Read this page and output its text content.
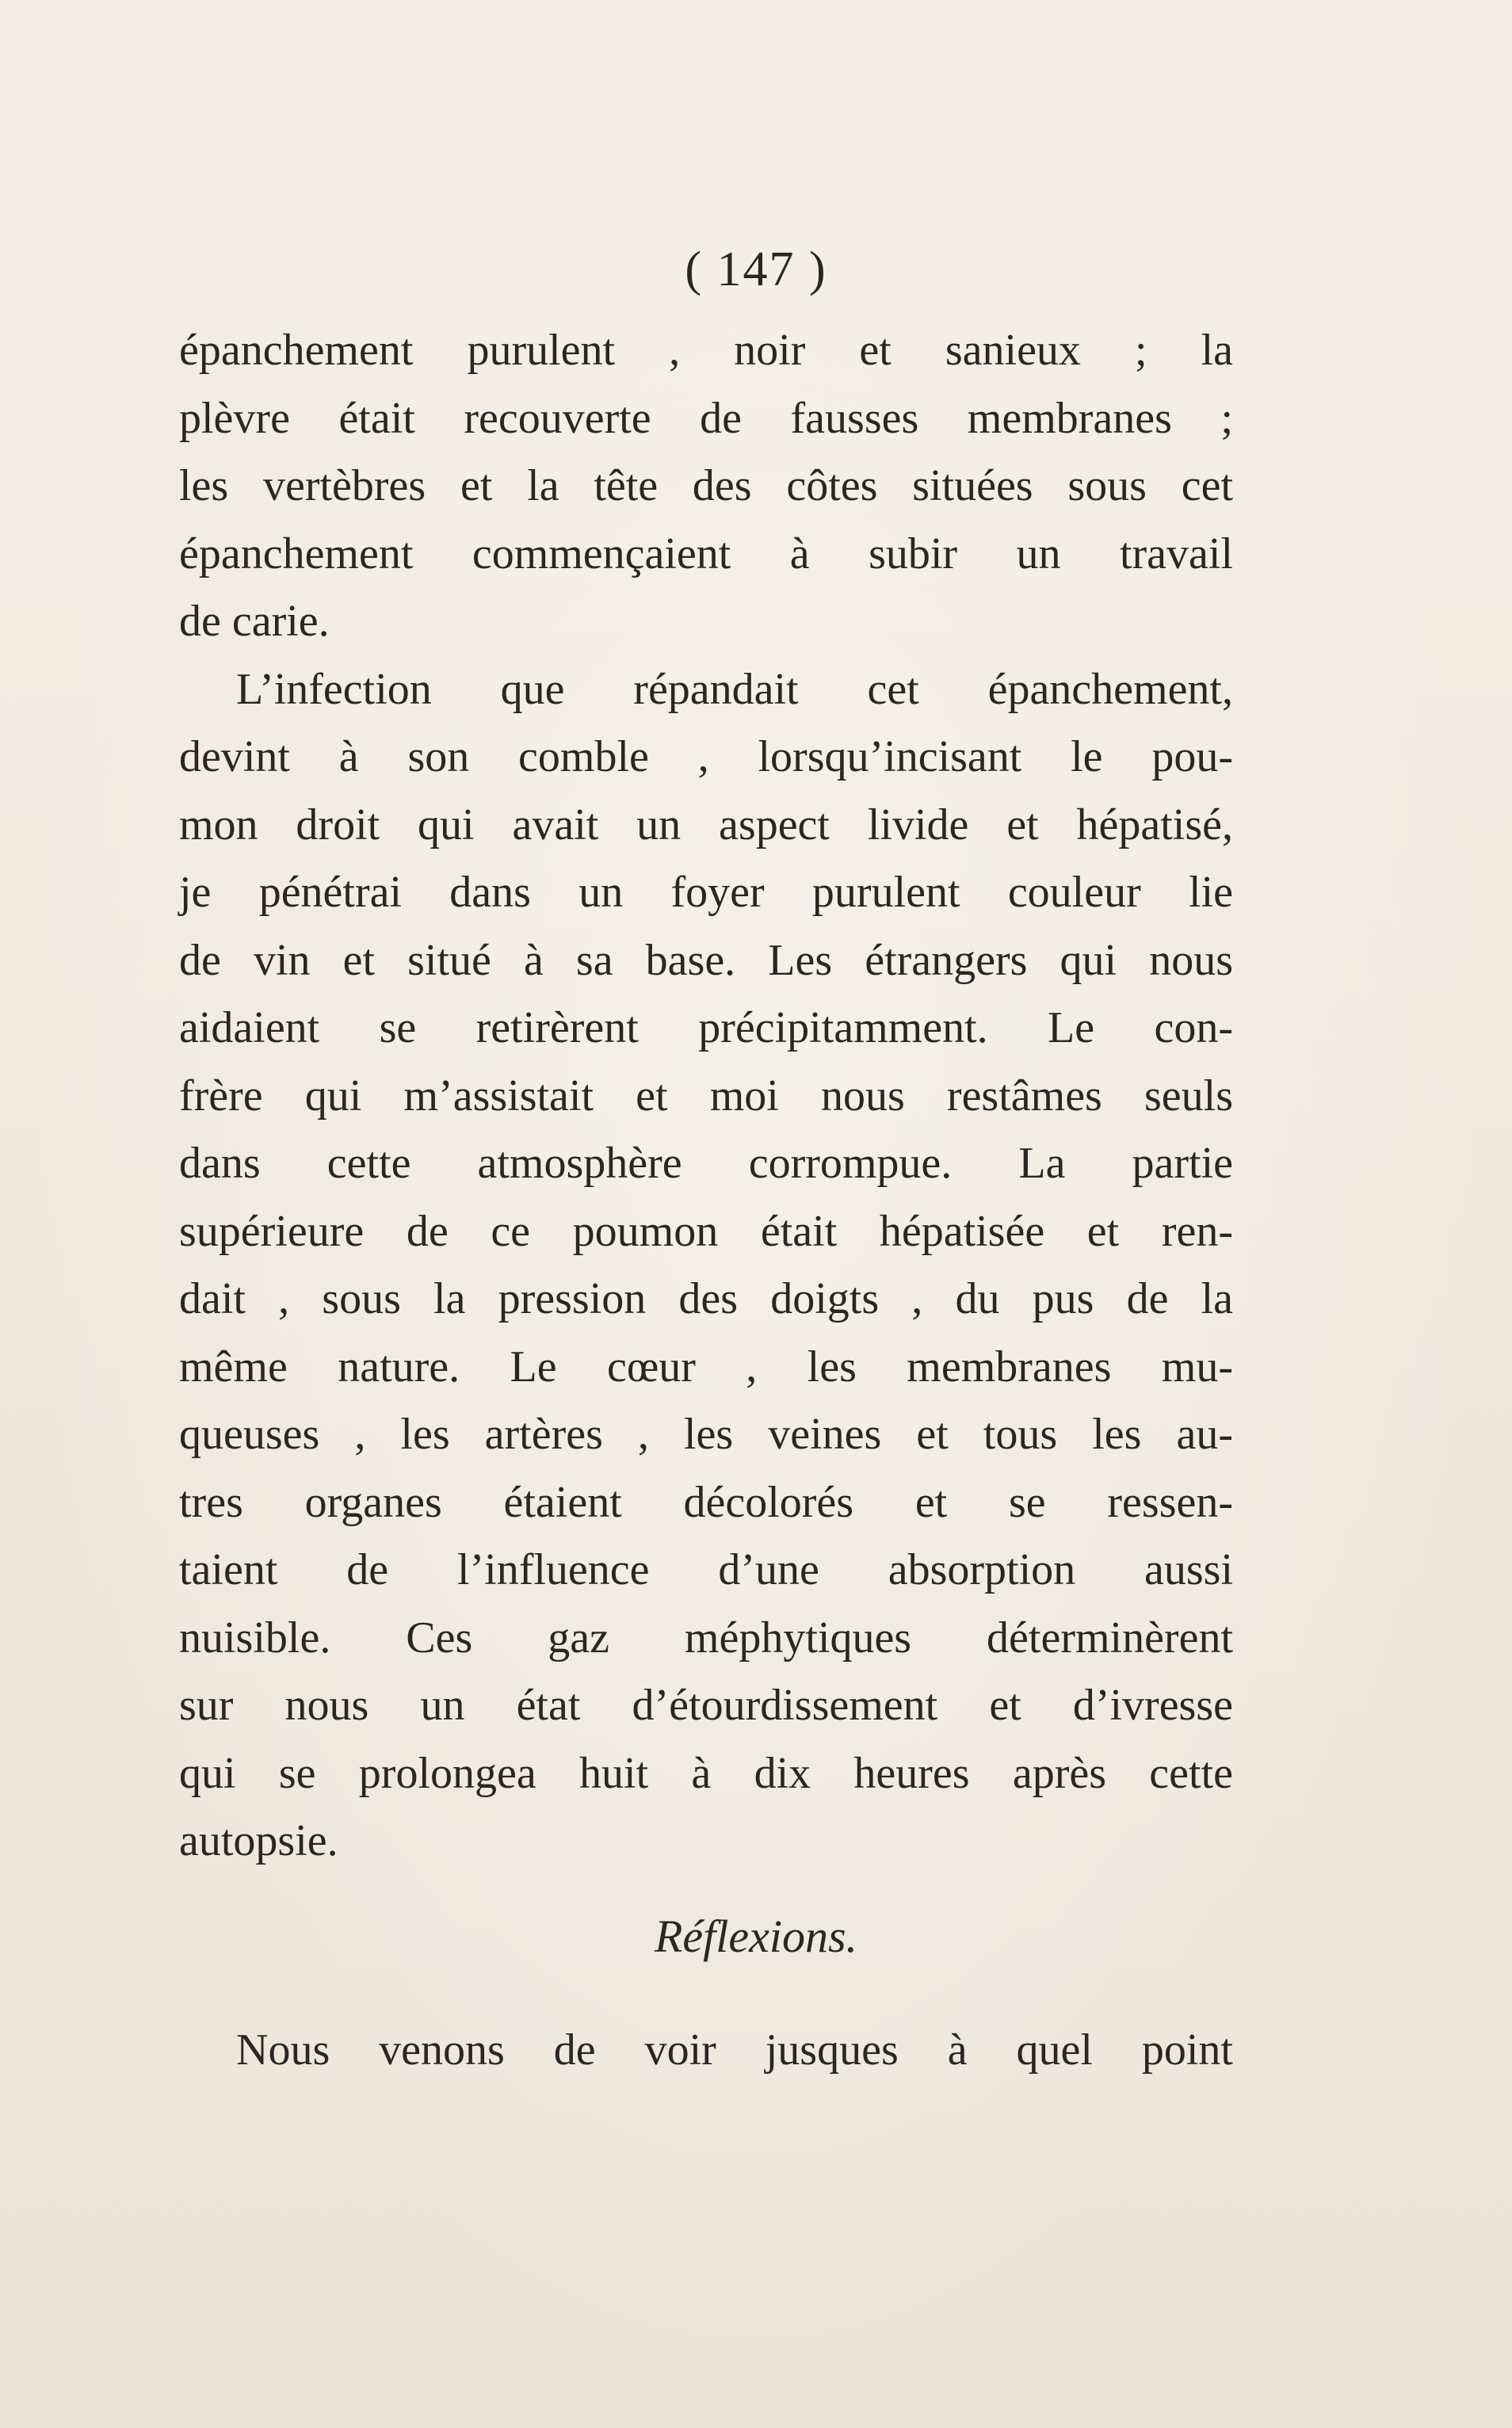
( 147 )
épanchement purulent , noir et sanieux ; la
plèvre était recouverte de fausses membranes ;
les vertèbres et la tête des côtes situées sous cet
épanchement commençaient à subir un travail
de carie.
L’infection que répandait cet épanchement,
devint à son comble , lorsqu’incisant le pou-
mon droit qui avait un aspect livide et hépatisé,
je pénétrai dans un foyer purulent couleur lie
de vin et situé à sa base. Les étrangers qui nous
aidaient se retirèrent précipitamment. Le con-
frère qui m’assistait et moi nous restâmes seuls
dans cette atmosphère corrompue. La partie
supérieure de ce poumon était hépatisée et ren-
dait , sous la pression des doigts , du pus de la
même nature. Le cœur , les membranes mu-
queuses , les artères , les veines et tous les au-
tres organes étaient décolorés et se ressen-
taient de l’influence d’une absorption aussi
nuisible. Ces gaz méphytiques déterminèrent
sur nous un état d’étourdissement et d’ivresse
qui se prolongea huit à dix heures après cette
autopsie.
Réflexions.
Nous venons de voir jusques à quel point
